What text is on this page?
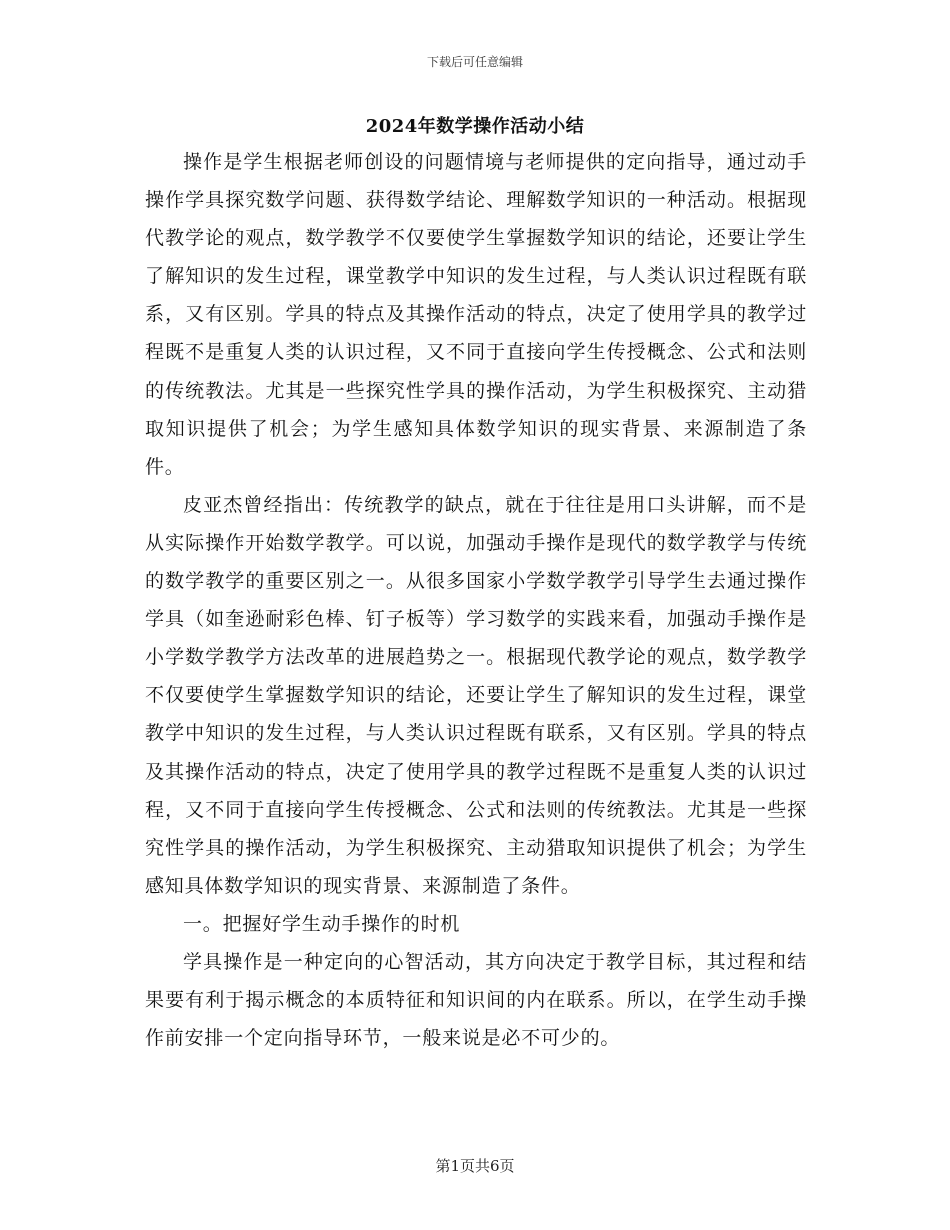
下载后可任意编辑
2024年数学操作活动小结

操作是学生根据老师创设的问题情境与老师提供的定向指导，通过动手操作学具探究数学问题、获得数学结论、理解数学知识的一种活动。根据现代教学论的观点，数学教学不仅要使学生掌握数学知识的结论，还要让学生了解知识的发生过程，课堂教学中知识的发生过程，与人类认识过程既有联系，又有区别。学具的特点及其操作活动的特点，决定了使用学具的教学过程既不是重复人类的认识过程，又不同于直接向学生传授概念、公式和法则的传统教法。尤其是一些探究性学具的操作活动，为学生积极探究、主动猎取知识提供了机会；为学生感知具体数学知识的现实背景、来源制造了条件。

皮亚杰曾经指出：传统教学的缺点，就在于往往是用口头讲解，而不是从实际操作开始数学教学。可以说，加强动手操作是现代的数学教学与传统的数学教学的重要区别之一。从很多国家小学数学教学引导学生去通过操作学具（如奎逊耐彩色棒、钉子板等）学习数学的实践来看，加强动手操作是小学数学教学方法改革的进展趋势之一。根据现代教学论的观点，数学教学不仅要使学生掌握数学知识的结论，还要让学生了解知识的发生过程，课堂教学中知识的发生过程，与人类认识过程既有联系，又有区别。学具的特点及其操作活动的特点，决定了使用学具的教学过程既不是重复人类的认识过程，又不同于直接向学生传授概念、公式和法则的传统教法。尤其是一些探究性学具的操作活动，为学生积极探究、主动猎取知识提供了机会；为学生感知具体数学知识的现实背景、来源制造了条件。

一。把握好学生动手操作的时机

学具操作是一种定向的心智活动，其方向决定于教学目标，其过程和结果要有利于揭示概念的本质特征和知识间的内在联系。所以，在学生动手操作前安排一个定向指导环节，一般来说是必不可少的。

第1页共6页
